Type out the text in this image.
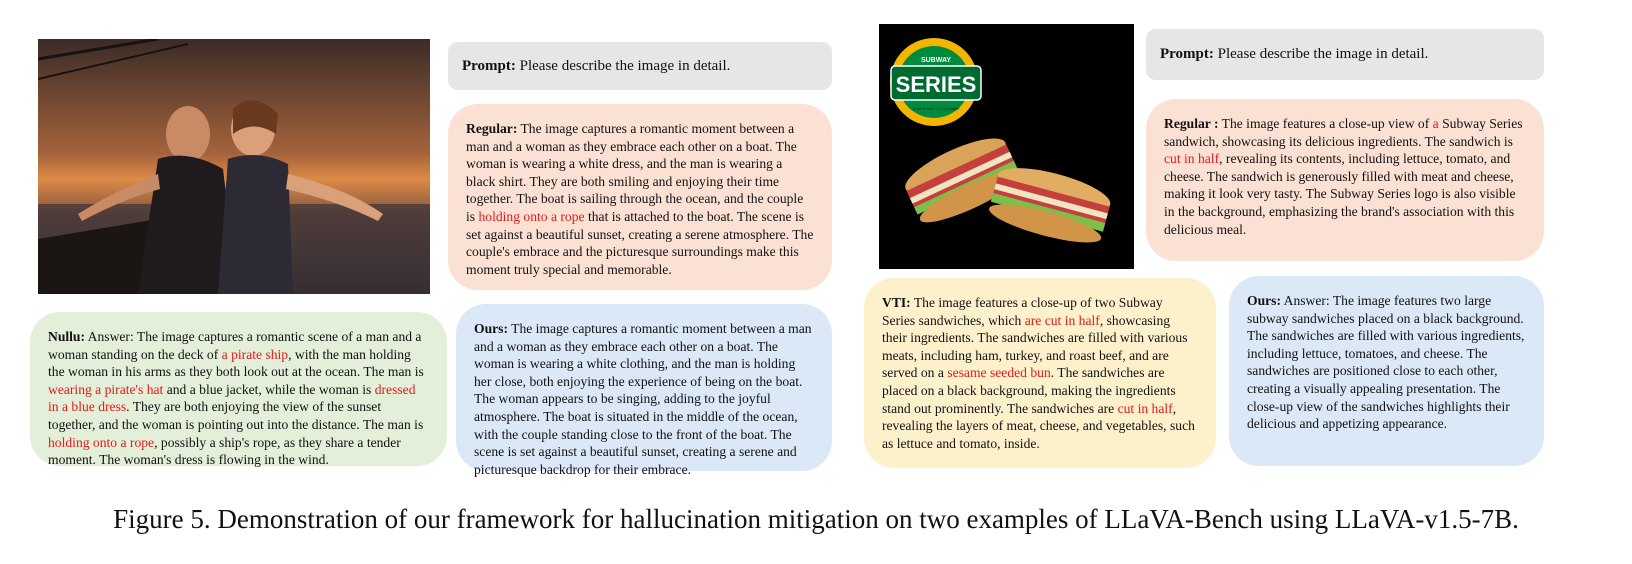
Prompt: Please describe the image in detail.
Regular: The image captures a romantic moment between a man and a woman as they embrace each other on a boat. The woman is wearing a white dress, and the man is wearing a black shirt. They are both smiling and enjoying their time together. The boat is sailing through the ocean, and the couple is holding onto a rope that is attached to the boat. The scene is set against a beautiful sunset, creating a serene atmosphere. The couple's embrace and the picturesque surroundings make this moment truly special and memorable.
Nullu: Answer: The image captures a romantic scene of a man and a woman standing on the deck of a pirate ship, with the man holding the woman in his arms as they both look out at the ocean. The man is wearing a pirate's hat and a blue jacket, while the woman is dressed in a blue dress. They are both enjoying the view of the sunset together, and the woman is pointing out into the distance. The man is holding onto a rope, possibly a ship's rope, as they share a tender moment. The woman's dress is flowing in the wind.
Ours: The image captures a romantic moment between a man and a woman as they embrace each other on a boat. The woman is wearing a white clothing, and the man is holding her close, both enjoying the experience of being on the boat. The woman appears to be singing, adding to the joyful atmosphere. The boat is situated in the middle of the ocean, with the couple standing close to the front of the boat. The scene is set against a beautiful sunset, creating a serene and picturesque backdrop for their embrace.
SUBWAY
SERIES
A NEW WAY TO SUBWAY
Prompt: Please describe the image in detail.
Regular : The image features a close-up view of a Subway Series sandwich, showcasing its delicious ingredients. The sandwich is cut in half, revealing its contents, including lettuce, tomato, and cheese. The sandwich is generously filled with meat and cheese, making it look very tasty. The Subway Series logo is also visible in the background, emphasizing the brand's association with this delicious meal.
VTI: The image features a close-up of two Subway Series sandwiches, which are cut in half, showcasing their ingredients. The sandwiches are filled with various meats, including ham, turkey, and roast beef, and are served on a sesame seeded bun. The sandwiches are placed on a black background, making the ingredients stand out prominently. The sandwiches are cut in half, revealing the layers of meat, cheese, and vegetables, such as lettuce and tomato, inside.
Ours: Answer: The image features two large subway sandwiches placed on a black background. The sandwiches are filled with various ingredients, including lettuce, tomatoes, and cheese. The sandwiches are positioned close to each other, creating a visually appealing presentation. The close-up view of the sandwiches highlights their delicious and appetizing appearance.
Figure 5. Demonstration of our framework for hallucination mitigation on two examples of LLaVA-Bench using LLaVA-v1.5-7B.
